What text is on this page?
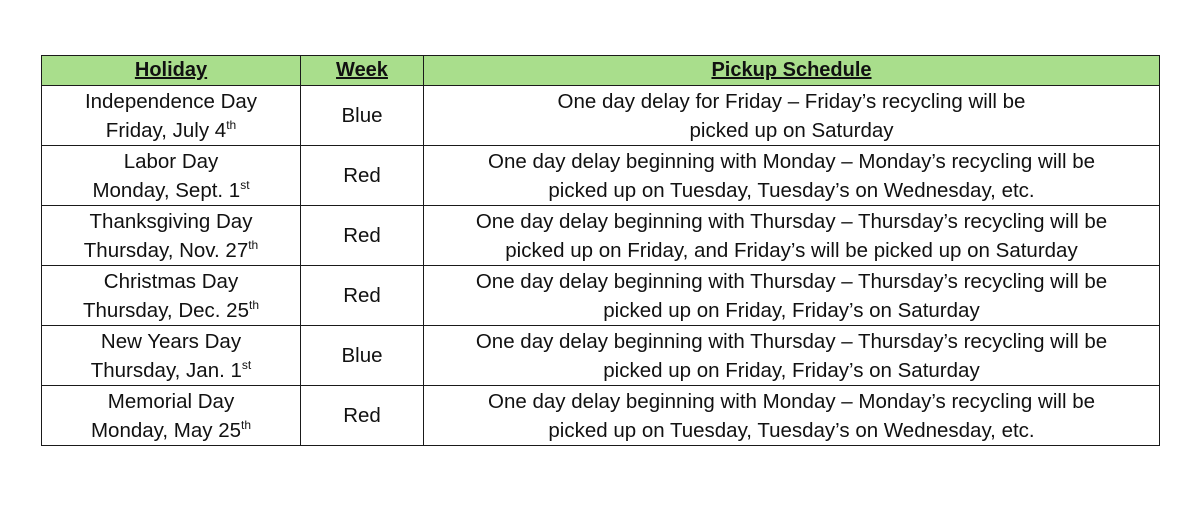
Holiday	Week	Pickup Schedule

Independence Day
Friday, July 4th	Blue	One day delay for Friday – Friday’s recycling will be
picked up on Saturday

Labor Day
Monday, Sept. 1st	Red	One day delay beginning with Monday – Monday’s recycling will be
picked up on Tuesday, Tuesday’s on Wednesday, etc.

Thanksgiving Day
Thursday, Nov. 27th	Red	One day delay beginning with Thursday – Thursday’s recycling will be
picked up on Friday, and Friday’s will be picked up on Saturday

Christmas Day
Thursday, Dec. 25th	Red	One day delay beginning with Thursday – Thursday’s recycling will be
picked up on Friday, Friday’s on Saturday

New Years Day
Thursday, Jan. 1st	Blue	One day delay beginning with Thursday – Thursday’s recycling will be
picked up on Friday, Friday’s on Saturday

Memorial Day
Monday, May 25th	Red	One day delay beginning with Monday – Monday’s recycling will be
picked up on Tuesday, Tuesday’s on Wednesday, etc.
